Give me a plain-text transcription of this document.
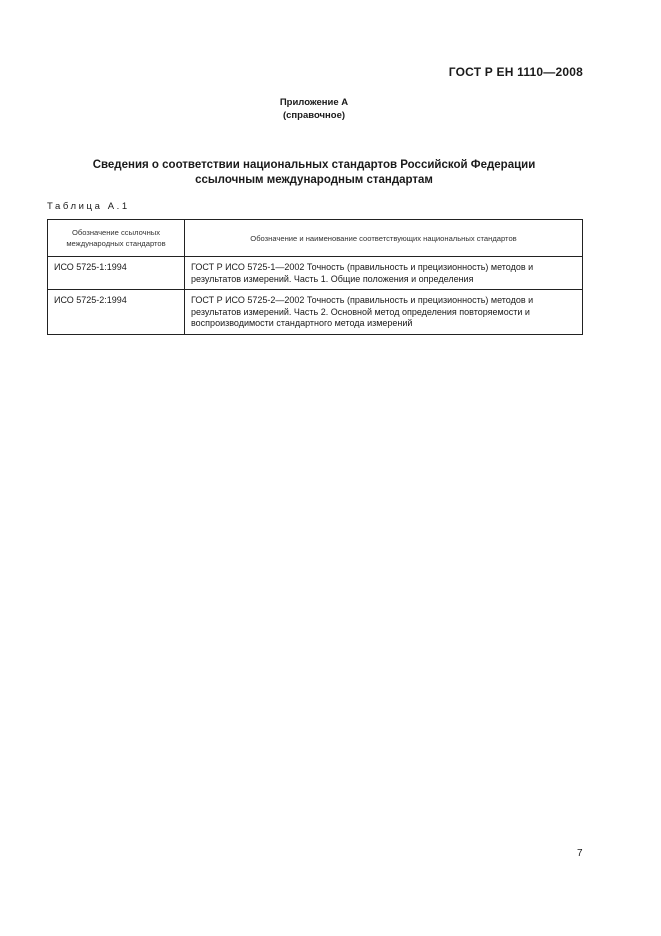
ГОСТ Р ЕН 1110—2008
Приложение А
(справочное)
Сведения о соответствии национальных стандартов Российской Федерации
ссылочным международным стандартам
Таблица А.1
Обозначение ссылочных международных стандартов	Обозначение и наименование соответствующих национальных стандартов
ИСО 5725-1:1994	ГОСТ Р ИСО 5725-1—2002 Точность (правильность и прецизионность) методов и результатов измерений. Часть 1. Общие положения и определения
ИСО 5725-2:1994	ГОСТ Р ИСО 5725-2—2002 Точность (правильность и прецизионность) методов и результатов измерений. Часть 2. Основной метод определения повторяемости и воспроизводимости стандартного метода измерений
7
